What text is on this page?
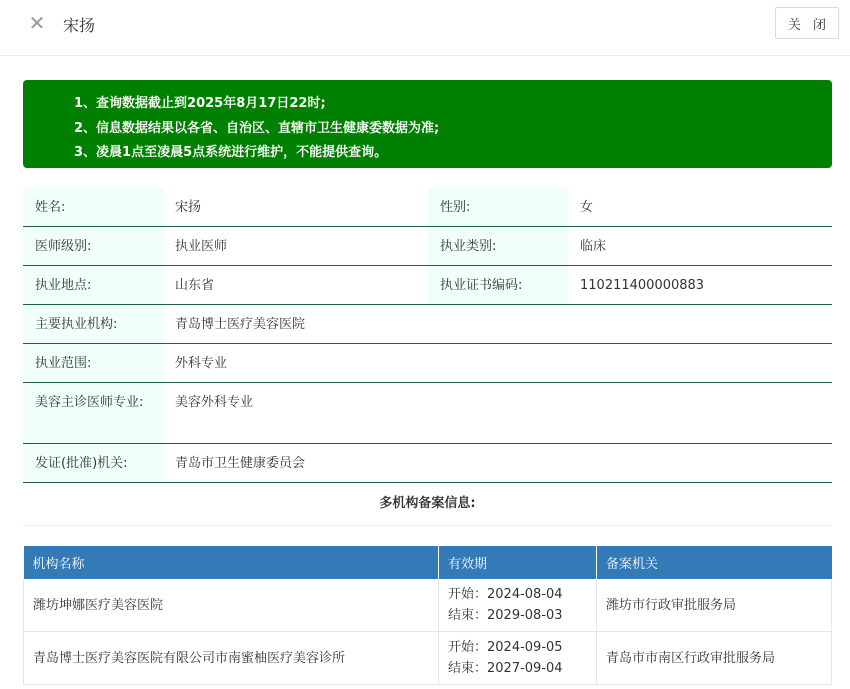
✕ 宋扬	关 闭

1、查询数据截止到2025年8月17日22时;

2、信息数据结果以各省、自治区、直辖市卫生健康委数据为准;

3、凌晨1点至凌晨5点系统进行维护，不能提供查询。

姓名:	宋扬	性别:	女
医师级别:	执业医师	执业类别:	临床
执业地点:	山东省	执业证书编码:	110211400000883
主要执业机构:	青岛博士医疗美容医院
执业范围:	外科专业
美容主诊医师专业:	美容外科专业
发证(批准)机关:	青岛市卫生健康委员会
多机构备案信息:
机构名称	有效期	备案机关
潍坊坤娜医疗美容医院	开始：2024-08-04
结束：2029-08-03	潍坊市行政审批服务局
青岛博士医疗美容医院有限公司市南蜜柚医疗美容诊所	开始：2024-09-05
结束：2027-09-04	青岛市市南区行政审批服务局
